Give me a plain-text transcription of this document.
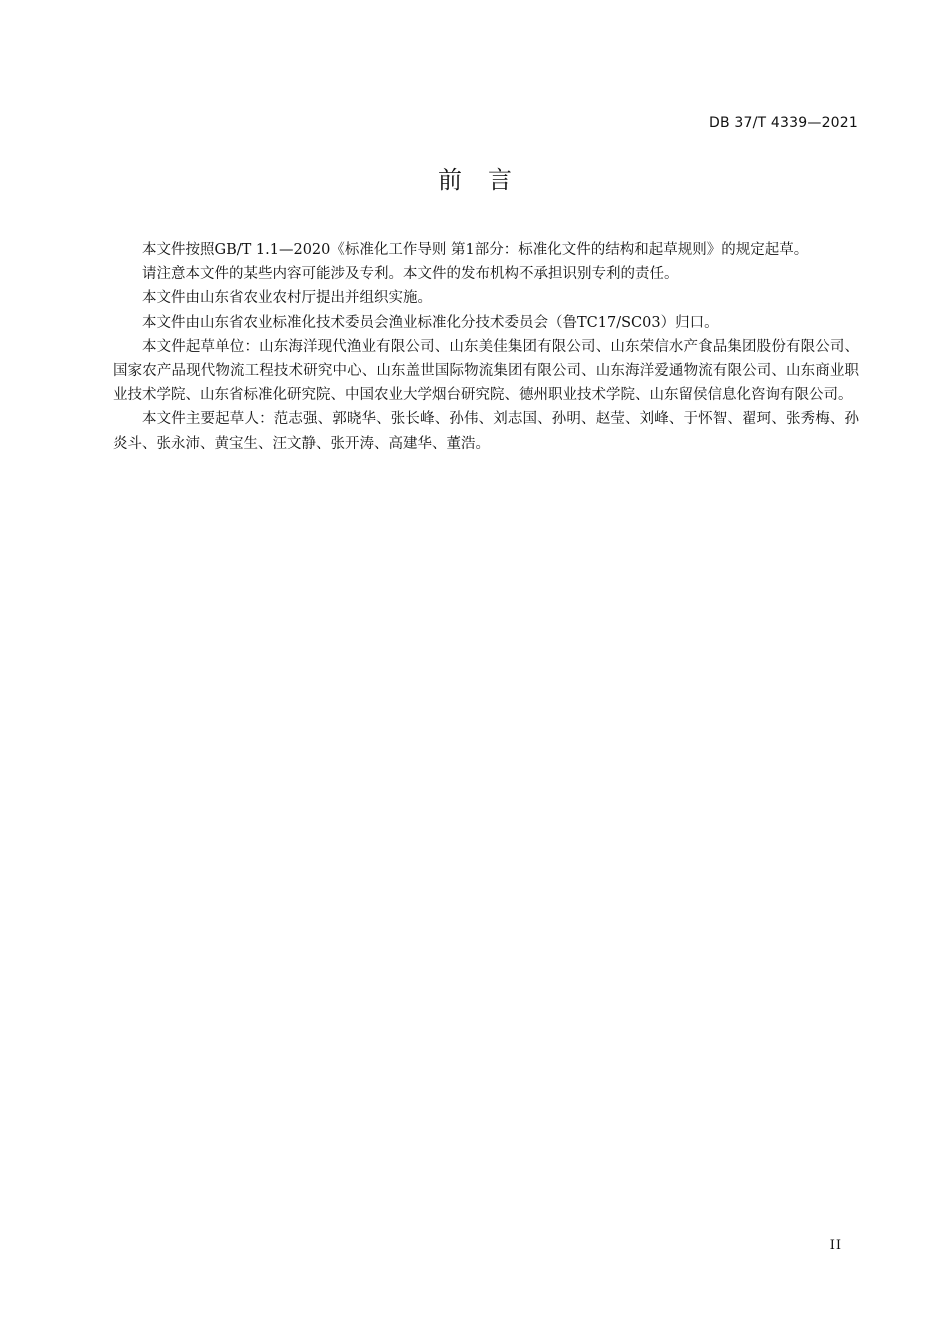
DB 37/T 4339—2021
前言

本文件按照GB/T 1.1—2020《标准化工作导则 第1部分：标准化文件的结构和起草规则》的规定起草。

请注意本文件的某些内容可能涉及专利。本文件的发布机构不承担识别专利的责任。

本文件由山东省农业农村厅提出并组织实施。

本文件由山东省农业标准化技术委员会渔业标准化分技术委员会（鲁TC17/SC03）归口。

本文件起草单位：山东海洋现代渔业有限公司、山东美佳集团有限公司、山东荣信水产食品集团股份有限公司、国家农产品现代物流工程技术研究中心、山东盖世国际物流集团有限公司、山东海洋爱通物流有限公司、山东商业职业技术学院、山东省标准化研究院、中国农业大学烟台研究院、德州职业技术学院、山东留侯信息化咨询有限公司。

本文件主要起草人：范志强、郭晓华、张长峰、孙伟、刘志国、孙明、赵莹、刘峰、于怀智、翟珂、张秀梅、孙炎斗、张永沛、黄宝生、汪文静、张开涛、高建华、董浩。

II
